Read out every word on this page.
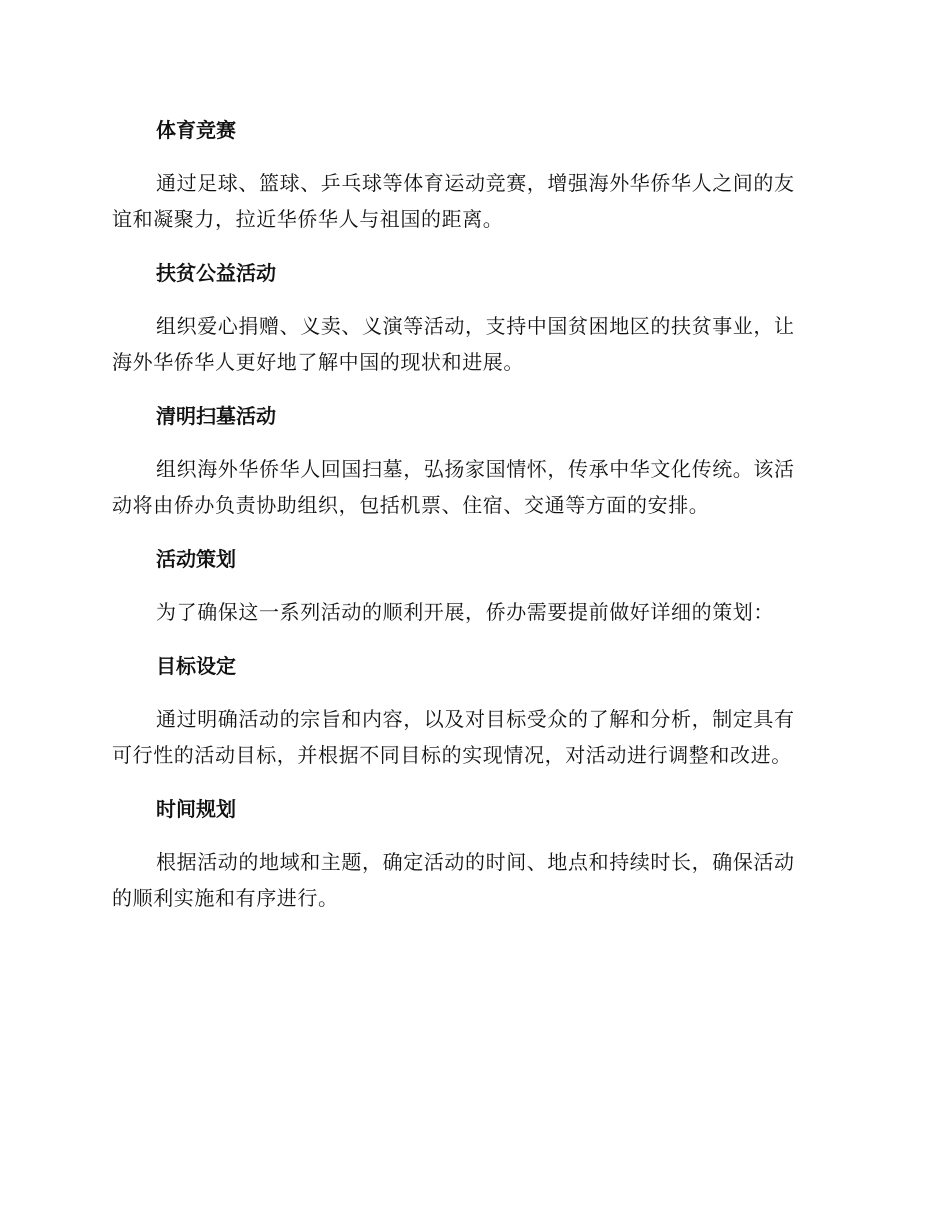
体育竞赛
通过足球、篮球、乒乓球等体育运动竞赛，增强海外华侨华人之间的友
谊和凝聚力，拉近华侨华人与祖国的距离。
扶贫公益活动
组织爱心捐赠、义卖、义演等活动，支持中国贫困地区的扶贫事业，让
海外华侨华人更好地了解中国的现状和进展。
清明扫墓活动
组织海外华侨华人回国扫墓，弘扬家国情怀，传承中华文化传统。该活
动将由侨办负责协助组织，包括机票、住宿、交通等方面的安排。
活动策划
为了确保这一系列活动的顺利开展，侨办需要提前做好详细的策划：
目标设定
通过明确活动的宗旨和内容，以及对目标受众的了解和分析，制定具有
可行性的活动目标，并根据不同目标的实现情况，对活动进行调整和改进。
时间规划
根据活动的地域和主题，确定活动的时间、地点和持续时长，确保活动
的顺利实施和有序进行。
